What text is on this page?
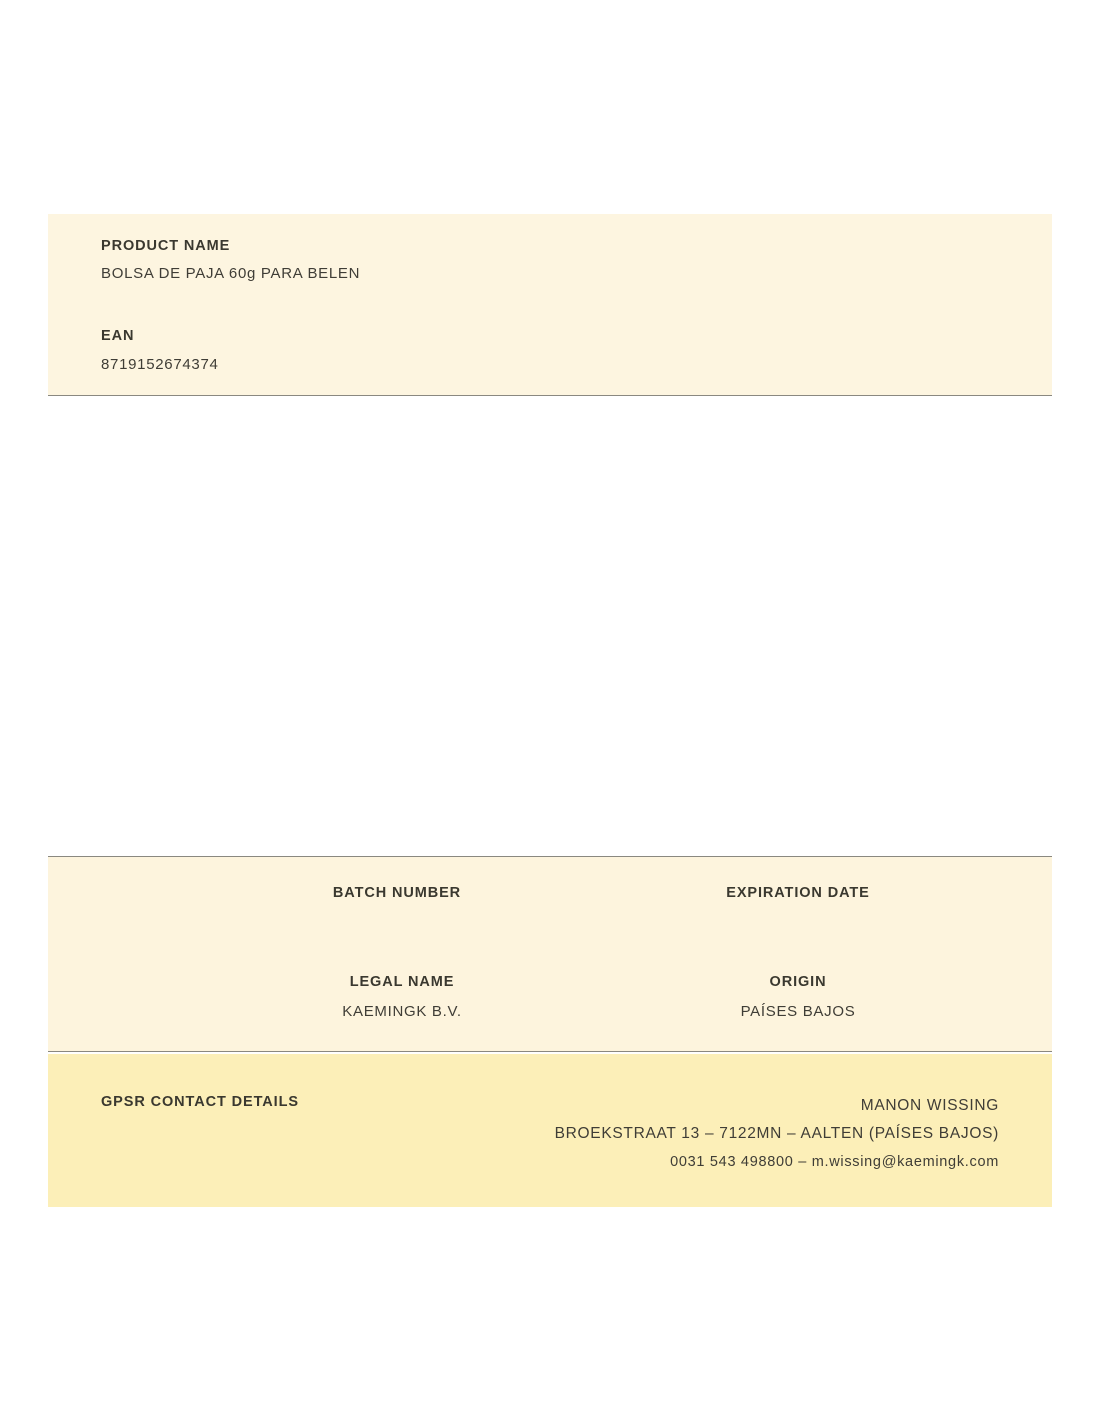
PRODUCT NAME
BOLSA DE PAJA 60g PARA BELEN
EAN
8719152674374
BATCH NUMBER	EXPIRATION DATE
LEGAL NAME
KAEMINGK B.V.
ORIGIN
PAÍSES BAJOS
GPSR CONTACT DETAILS	MANON WISSING
BROEKSTRAAT 13 – 7122MN – AALTEN (PAÍSES BAJOS)
0031 543 498800 – m.wissing@kaemingk.com
